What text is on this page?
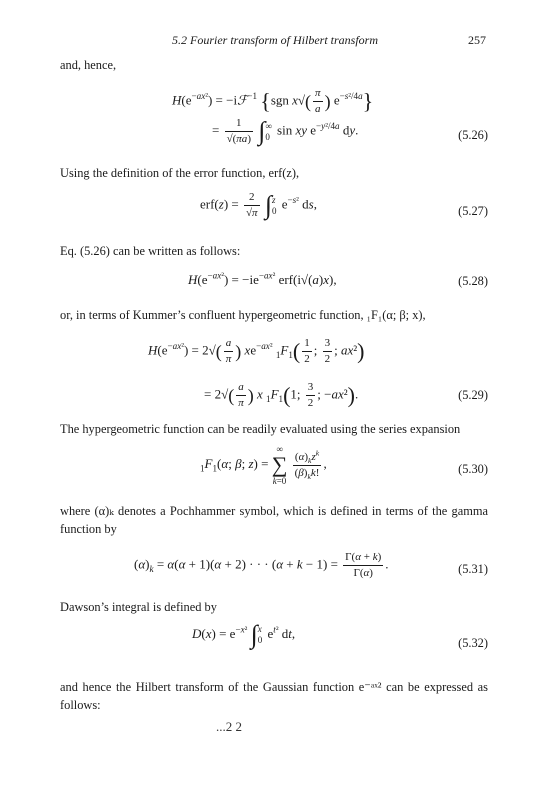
5.2 Fourier transform of Hilbert transform	257
and, hence,
$H(e^{-ax^2})$ = −iℱ$^{-1}$ {sgn $x√( \frac{\pi}{a}$ ) $e^{-s^2/4a}$}
= $\frac{1}{√(\pi a)}$ ∫ ∞
0 sin xy $e^{-y^2/4a}$ dy.	(5.26)
Using the definition of the error function, erf(z),
$erf(z) = \frac{2}{√\pi}$ ∫ z
0 $e^{-s^2}$ ds,	(5.27)
Eq. (5.26) can be written as follows:
$H(e^{-ax^2}) = -ie^{-ax^2}$ erf(i√(a)x),	(5.28)
or, in terms of Kummer’s confluent hypergeometric function, ₁F₁(α; β; x),
$H(e^{-ax^2}) = 2√( \frac{a}{\pi}$ ) $xe^{-ax^2}$ $_1F_1( \frac{1}{2}$ ; $\frac{3}{2}$ ; ax²)
= $2√( \frac{a}{\pi}$ ) x $_1F_1(1$; $\frac{3}{2}$ ; −ax²).	(5.29)
The hypergeometric function can be readily evaluated using the series expansion
$_1F_1(\alpha$; β; z) = ∞
∑
k=0
$\frac{(\alpha)_kz^k}{(\beta)_kk!}$ ,	(5.30)
where (α)ₖ denotes a Pochhammer symbol, which is defined in terms of the gamma function by
$(\alpha)_k = \alpha(\alpha + 1)(\alpha + 2)$ · · · $(\alpha + k - 1) = \frac{\Gamma(\alpha + k)}{\Gamma(\alpha)}$ .	(5.31)
Dawson’s integral is defined by
$D(x) = e^{-x^2}$ ∫ x
0 $e^{t^2}$ dt,
(5.32)
and hence the Hilbert transform of the Gaussian function e⁻ᵃˣ² can be expressed as follows:
...2 2
